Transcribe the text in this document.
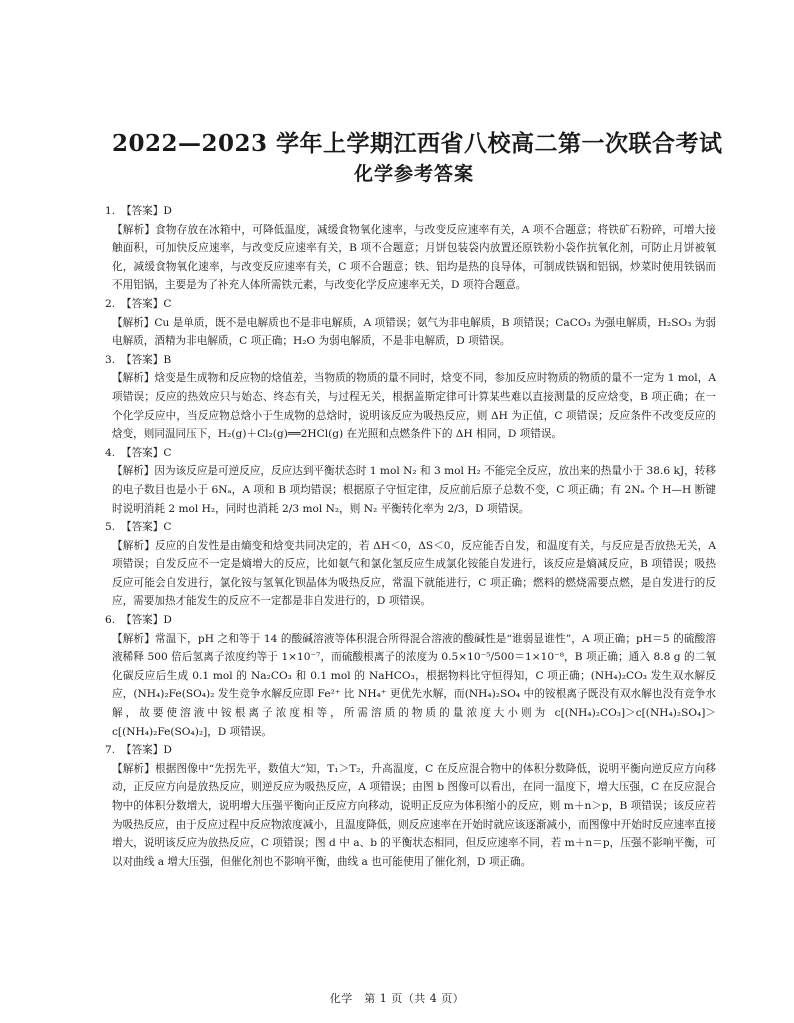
2022—2023 学年上学期江西省八校高二第一次联合考试
化学参考答案

1. 【答案】D

【解析】食物存放在冰箱中，可降低温度，减缓食物氧化速率，与改变反应速率有关，A 项不合题意；将铁矿石粉碎，可增大接触面积，可加快反应速率，与改变反应速率有关，B 项不合题意；月饼包装袋内放置还原铁粉小袋作抗氧化剂，可防止月饼被氧化，减缓食物氧化速率，与改变反应速率有关，C 项不合题意；铁、铝均是热的良导体，可制成铁锅和铝锅，炒菜时使用铁锅而不用铝锅，主要是为了补充人体所需铁元素，与改变化学反应速率无关，D 项符合题意。

2. 【答案】C

【解析】Cu 是单质，既不是电解质也不是非电解质，A 项错误；氨气为非电解质，B 项错误；CaCO₃ 为强电解质，H₂SO₃ 为弱电解质，酒精为非电解质，C 项正确；H₂O 为弱电解质，不是非电解质，D 项错误。

3. 【答案】B

【解析】焓变是生成物和反应物的焓值差，当物质的物质的量不同时，焓变不同，参加反应时物质的物质的量不一定为 1 mol，A 项错误；反应的热效应只与始态、终态有关，与过程无关，根据盖斯定律可计算某些难以直接测量的反应焓变，B 项正确；在一个化学反应中，当反应物总焓小于生成物的总焓时，说明该反应为吸热反应，则 ΔH 为正值，C 项错误；反应条件不改变反应的焓变，则同温同压下，H₂(g)＋Cl₂(g)══2HCl(g) 在光照和点燃条件下的 ΔH 相同，D 项错误。

4. 【答案】C

【解析】因为该反应是可逆反应，反应达到平衡状态时 1 mol N₂ 和 3 mol H₂ 不能完全反应，放出来的热量小于 38.6 kJ，转移的电子数目也是小于 6Nₐ，A 项和 B 项均错误；根据原子守恒定律，反应前后原子总数不变，C 项正确；有 2Nₐ 个 H—H 断键时说明消耗 2 mol H₂，同时也消耗 2/3 mol N₂，则 N₂ 平衡转化率为 2/3，D 项错误。

5. 【答案】C

【解析】反应的自发性是由熵变和焓变共同决定的，若 ΔH＜0，ΔS＜0，反应能否自发，和温度有关，与反应是否放热无关，A 项错误；自发反应不一定是熵增大的反应，比如氨气和氯化氢反应生成氯化铵能自发进行，该反应是熵减反应，B 项错误；吸热反应可能会自发进行，氯化铵与氢氧化钡晶体为吸热反应，常温下就能进行，C 项正确；燃料的燃烧需要点燃，是自发进行的反应，需要加热才能发生的反应不一定都是非自发进行的，D 项错误。

6. 【答案】D

【解析】常温下，pH 之和等于 14 的酸碱溶液等体积混合所得混合溶液的酸碱性是“谁弱显谁性”，A 项正确；pH＝5 的硫酸溶液稀释 500 倍后氢离子浓度约等于 1×10⁻⁷，而硫酸根离子的浓度为 0.5×10⁻⁵/500＝1×10⁻⁸，B 项正确；通入 8.8 g 的二氧化碳反应后生成 0.1 mol 的 Na₂CO₃ 和 0.1 mol 的 NaHCO₃，根据物料比守恒得知，C 项正确；(NH₄)₂CO₃ 发生双水解反应，(NH₄)₂Fe(SO₄)₂ 发生竞争水解反应即 Fe²⁺ 比 NH₄⁺ 更优先水解，而(NH₄)₂SO₄ 中的铵根离子既没有双水解也没有竞争水解，故要使溶液中铵根离子浓度相等，所需溶质的物质的量浓度大小则为 c[(NH₄)₂CO₃]＞c[(NH₄)₂SO₄]＞c[(NH₄)₂Fe(SO₄)₂]，D 项错误。

7. 【答案】D

【解析】根据图像中“先拐先平，数值大”知，T₁＞T₂，升高温度，C 在反应混合物中的体积分数降低，说明平衡向逆反应方向移动，正反应方向是放热反应，则逆反应为吸热反应，A 项错误；由图 b 图像可以看出，在同一温度下，增大压强，C 在反应混合物中的体积分数增大，说明增大压强平衡向正反应方向移动，说明正反应为体积缩小的反应，则 m＋n＞p，B 项错误；该反应若为吸热反应，由于反应过程中反应物浓度减小，且温度降低，则反应速率在开始时就应该逐渐减小，而图像中开始时反应速率直接增大，说明该反应为放热反应，C 项错误；图 d 中 a、b 的平衡状态相同，但反应速率不同，若 m＋n＝p，压强不影响平衡，可以对曲线 a 增大压强，但催化剂也不影响平衡，曲线 a 也可能使用了催化剂，D 项正确。

化学　第 1 页（共 4 页）
